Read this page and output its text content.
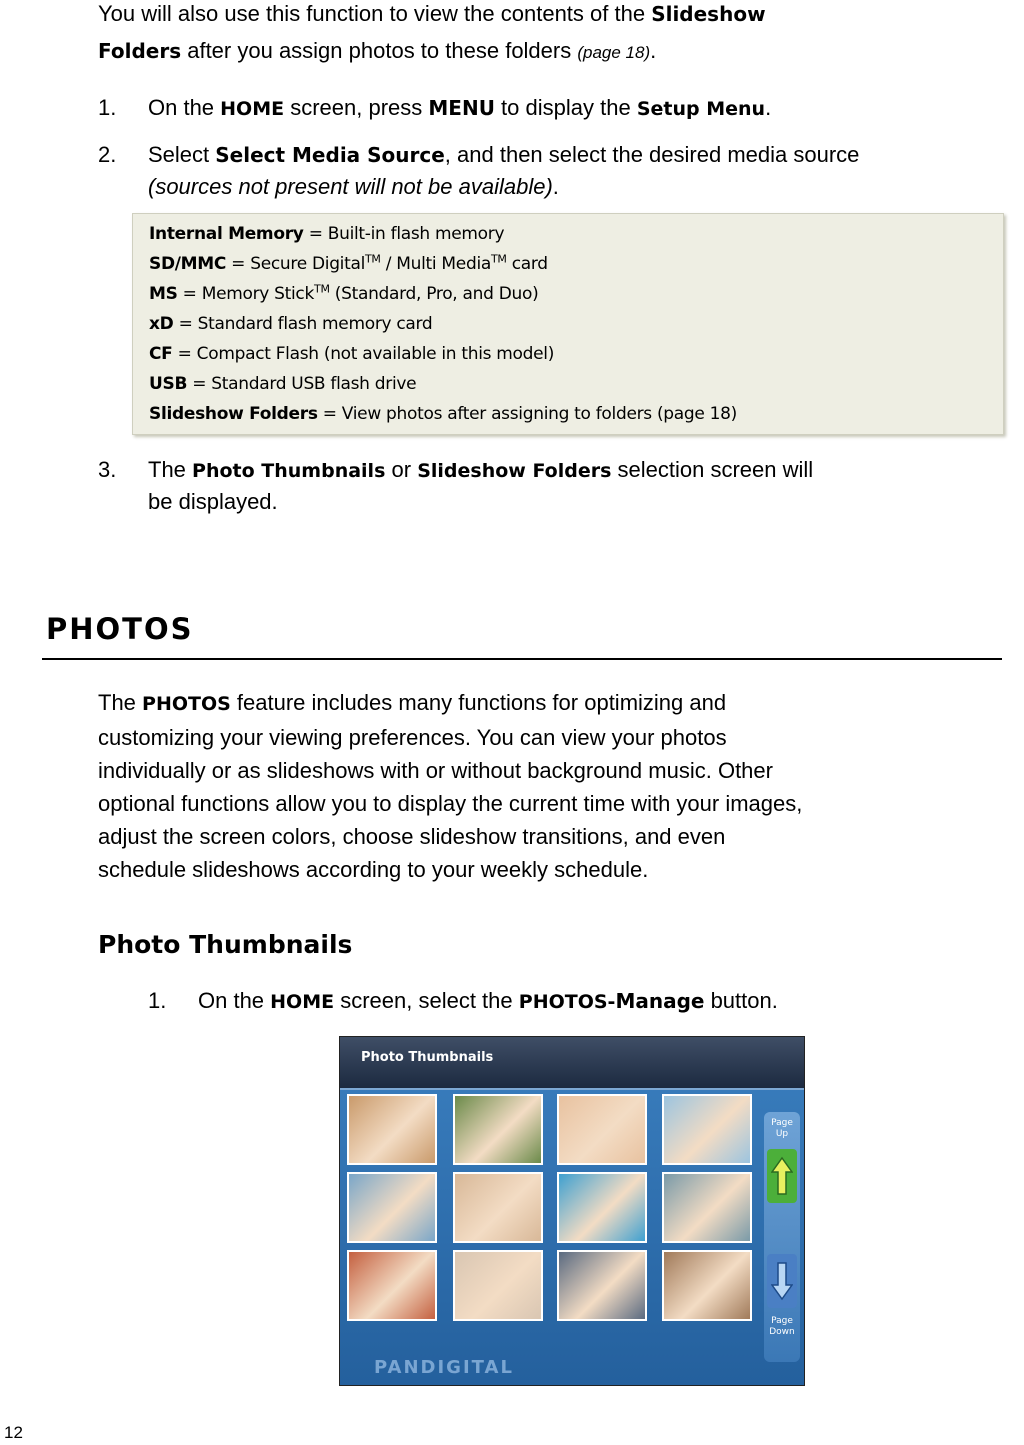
You will also use this function to view the contents of the Slideshow
Folders after you assign photos to these folders (page 18).
1. On the HOME screen, press MENU to display the Setup Menu.
2. Select Select Media Source, and then select the desired media source
(sources not present will not be available).
Internal Memory = Built-in flash memory
SD/MMC = Secure Digital™ / Multi Media™ card
MS = Memory Stick™ (Standard, Pro, and Duo)
xD = Standard flash memory card
CF = Compact Flash (not available in this model)
USB = Standard USB flash drive
Slideshow Folders = View photos after assigning to folders (page 18)
3. The Photo Thumbnails or Slideshow Folders selection screen will
be displayed.
PHOTOS
The PHOTOS feature includes many functions for optimizing and
customizing your viewing preferences. You can view your photos
individually or as slideshows with or without background music. Other
optional functions allow you to display the current time with your images,
adjust the screen colors, choose slideshow transitions, and even
schedule slideshows according to your weekly schedule.
Photo Thumbnails
1. On the HOME screen, select the PHOTOS-Manage button.
Photo Thumbnails
Page
Up
Page
Down
PANDIGITAL
12
